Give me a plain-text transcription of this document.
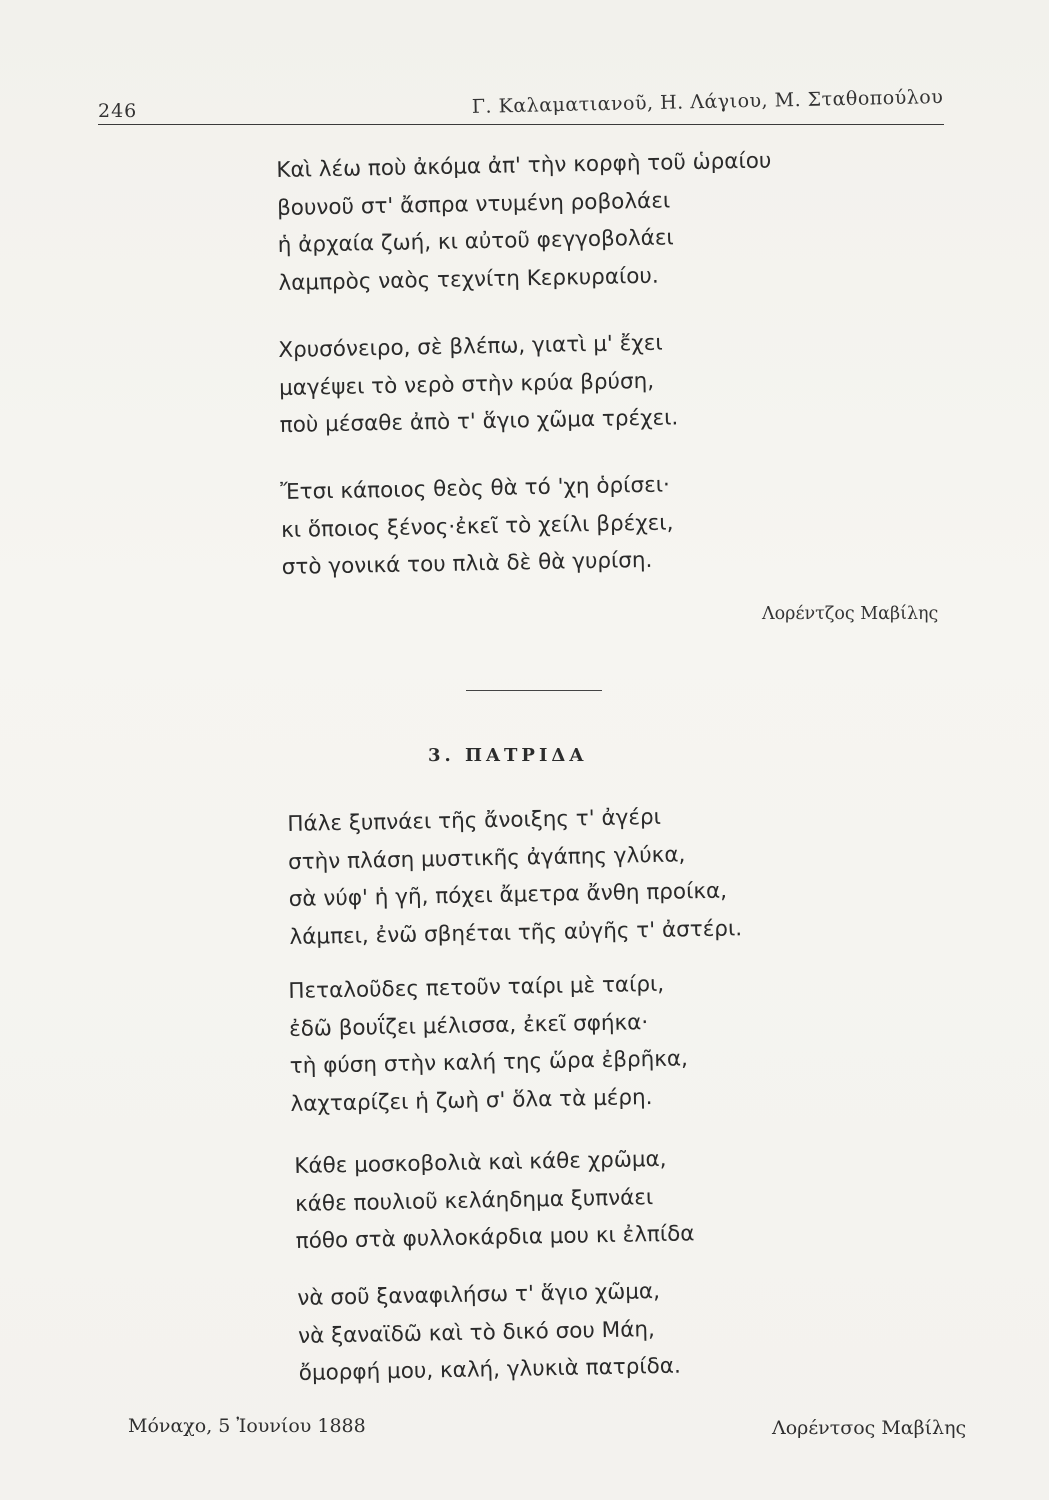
246	Γ. Καλαματιανοῦ, Η. Λάγιου, Μ. Σταθοπούλου
Καὶ λέω ποὺ ἀκόμα ἀπ' τὴν κορφὴ τοῦ ὡραίου
βουνοῦ στ' ἄσπρα ντυμένη ροβολάει
ἡ ἀρχαία ζωή, κι αὐτοῦ φεγγοβολάει
λαμπρὸς ναὸς τεχνίτη Κερκυραίου.
Χρυσόνειρο, σὲ βλέπω, γιατὶ μ' ἔχει
μαγέψει τὸ νερὸ στὴν κρύα βρύση,
ποὺ μέσαθε ἀπὸ τ' ἅγιο χῶμα τρέχει.
Ἔτσι κάποιος θεὸς θὰ τό 'χη ὁρίσει·
κι ὅποιος ξένος·ἐκεῖ τὸ χείλι βρέχει,
στὸ γονικά του πλιὰ δὲ θὰ γυρίση.
Λορέντζος Μαβίλης
3. ΠΑΤΡΙΔΑ
Πάλε ξυπνάει τῆς ἄνοιξης τ' ἀγέρι
στὴν πλάση μυστικῆς ἀγάπης γλύκα,
σὰ νύφ' ἡ γῆ, πόχει ἄμετρα ἄνθη προίκα,
λάμπει, ἐνῶ σβηέται τῆς αὐγῆς τ' ἀστέρι.
Πεταλοῦδες πετοῦν ταίρι μὲ ταίρι,
ἐδῶ βουΐζει μέλισσα, ἐκεῖ σφήκα·
τὴ φύση στὴν καλή της ὥρα ἐβρῆκα,
λαχταρίζει ἡ ζωὴ σ' ὅλα τὰ μέρη.
Κάθε μοσκοβολιὰ καὶ κάθε χρῶμα,
κάθε πουλιοῦ κελάηδημα ξυπνάει
πόθο στὰ φυλλοκάρδια μου κι ἐλπίδα
νὰ σοῦ ξαναφιλήσω τ' ἅγιο χῶμα,
νὰ ξαναϊδῶ καὶ τὸ δικό σου Μάη,
ὄμορφή μου, καλή, γλυκιὰ πατρίδα.
Μόναχο, 5 Ἰουνίου 1888	Λορέντσος Μαβίλης
